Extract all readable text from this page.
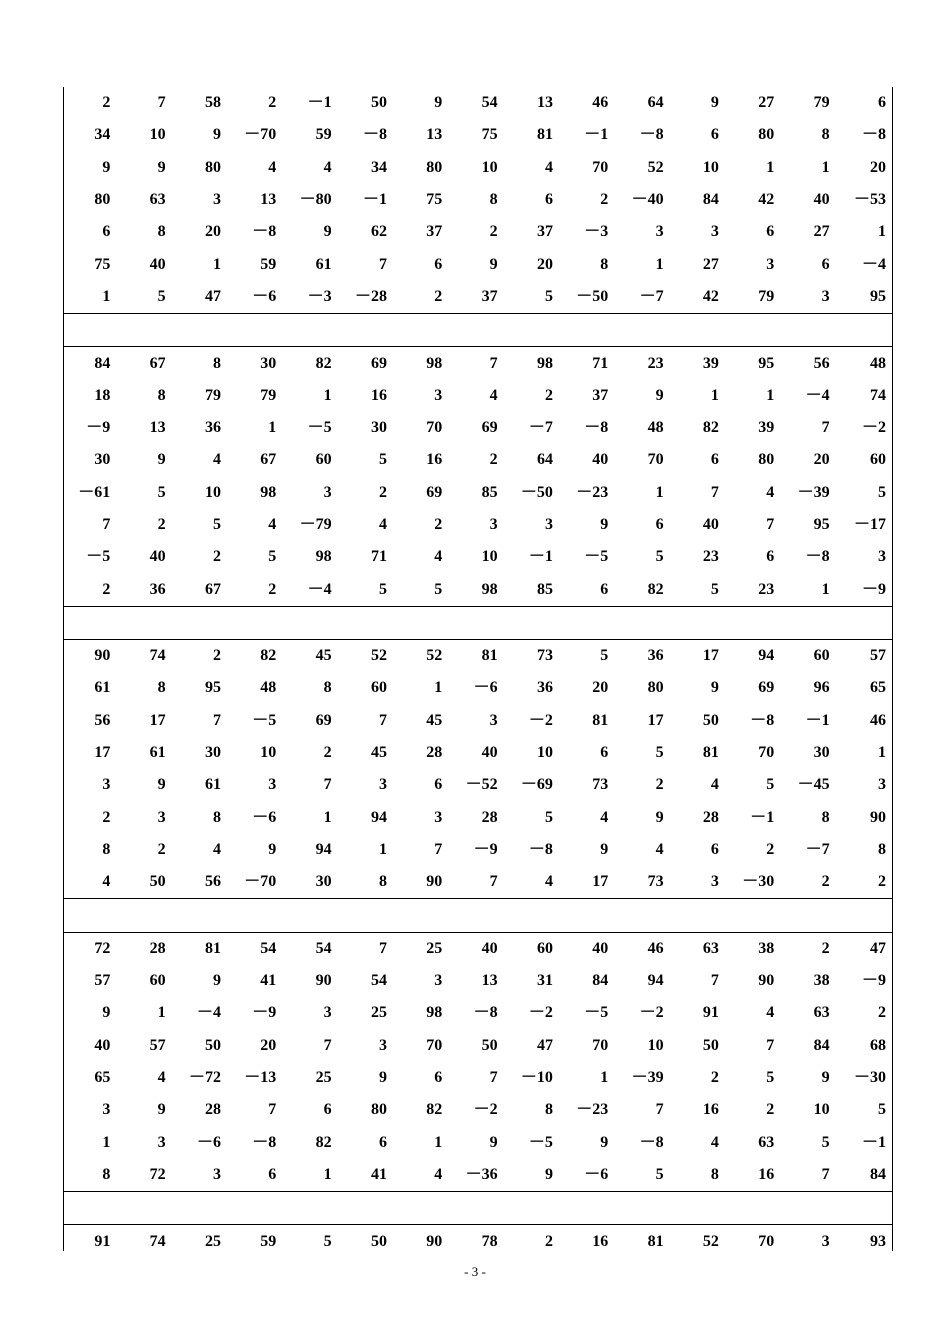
2	7	58	2	－1	50	9	54	13	46	64	9	27	79	6
34	10	9	－70	59	－8	13	75	81	－1	－8	6	80	8	－8
9	9	80	4	4	34	80	10	4	70	52	10	1	1	20
80	63	3	13	－80	－1	75	8	6	2	－40	84	42	40	－53
6	8	20	－8	9	62	37	2	37	－3	3	3	6	27	1
75	40	1	59	61	7	6	9	20	8	1	27	3	6	－4
1	5	47	－6	－3	－28	2	37	5	－50	－7	42	79	3	95

84	67	8	30	82	69	98	7	98	71	23	39	95	56	48
18	8	79	79	1	16	3	4	2	37	9	1	1	－4	74
－9	13	36	1	－5	30	70	69	－7	－8	48	82	39	7	－2
30	9	4	67	60	5	16	2	64	40	70	6	80	20	60
－61	5	10	98	3	2	69	85	－50	－23	1	7	4	－39	5
7	2	5	4	－79	4	2	3	3	9	6	40	7	95	－17
－5	40	2	5	98	71	4	10	－1	－5	5	23	6	－8	3
2	36	67	2	－4	5	5	98	85	6	82	5	23	1	－9

90	74	2	82	45	52	52	81	73	5	36	17	94	60	57
61	8	95	48	8	60	1	－6	36	20	80	9	69	96	65
56	17	7	－5	69	7	45	3	－2	81	17	50	－8	－1	46
17	61	30	10	2	45	28	40	10	6	5	81	70	30	1
3	9	61	3	7	3	6	－52	－69	73	2	4	5	－45	3
2	3	8	－6	1	94	3	28	5	4	9	28	－1	8	90
8	2	4	9	94	1	7	－9	－8	9	4	6	2	－7	8
4	50	56	－70	30	8	90	7	4	17	73	3	－30	2	2

72	28	81	54	54	7	25	40	60	40	46	63	38	2	47
57	60	9	41	90	54	3	13	31	84	94	7	90	38	－9
9	1	－4	－9	3	25	98	－8	－2	－5	－2	91	4	63	2
40	57	50	20	7	3	70	50	47	70	10	50	7	84	68
65	4	－72	－13	25	9	6	7	－10	1	－39	2	5	9	－30
3	9	28	7	6	80	82	－2	8	－23	7	16	2	10	5
1	3	－6	－8	82	6	1	9	－5	9	－8	4	63	5	－1
8	72	3	6	1	41	4	－36	9	－6	5	8	16	7	84

91	74	25	59	5	50	90	78	2	16	81	52	70	3	93
- 3 -
